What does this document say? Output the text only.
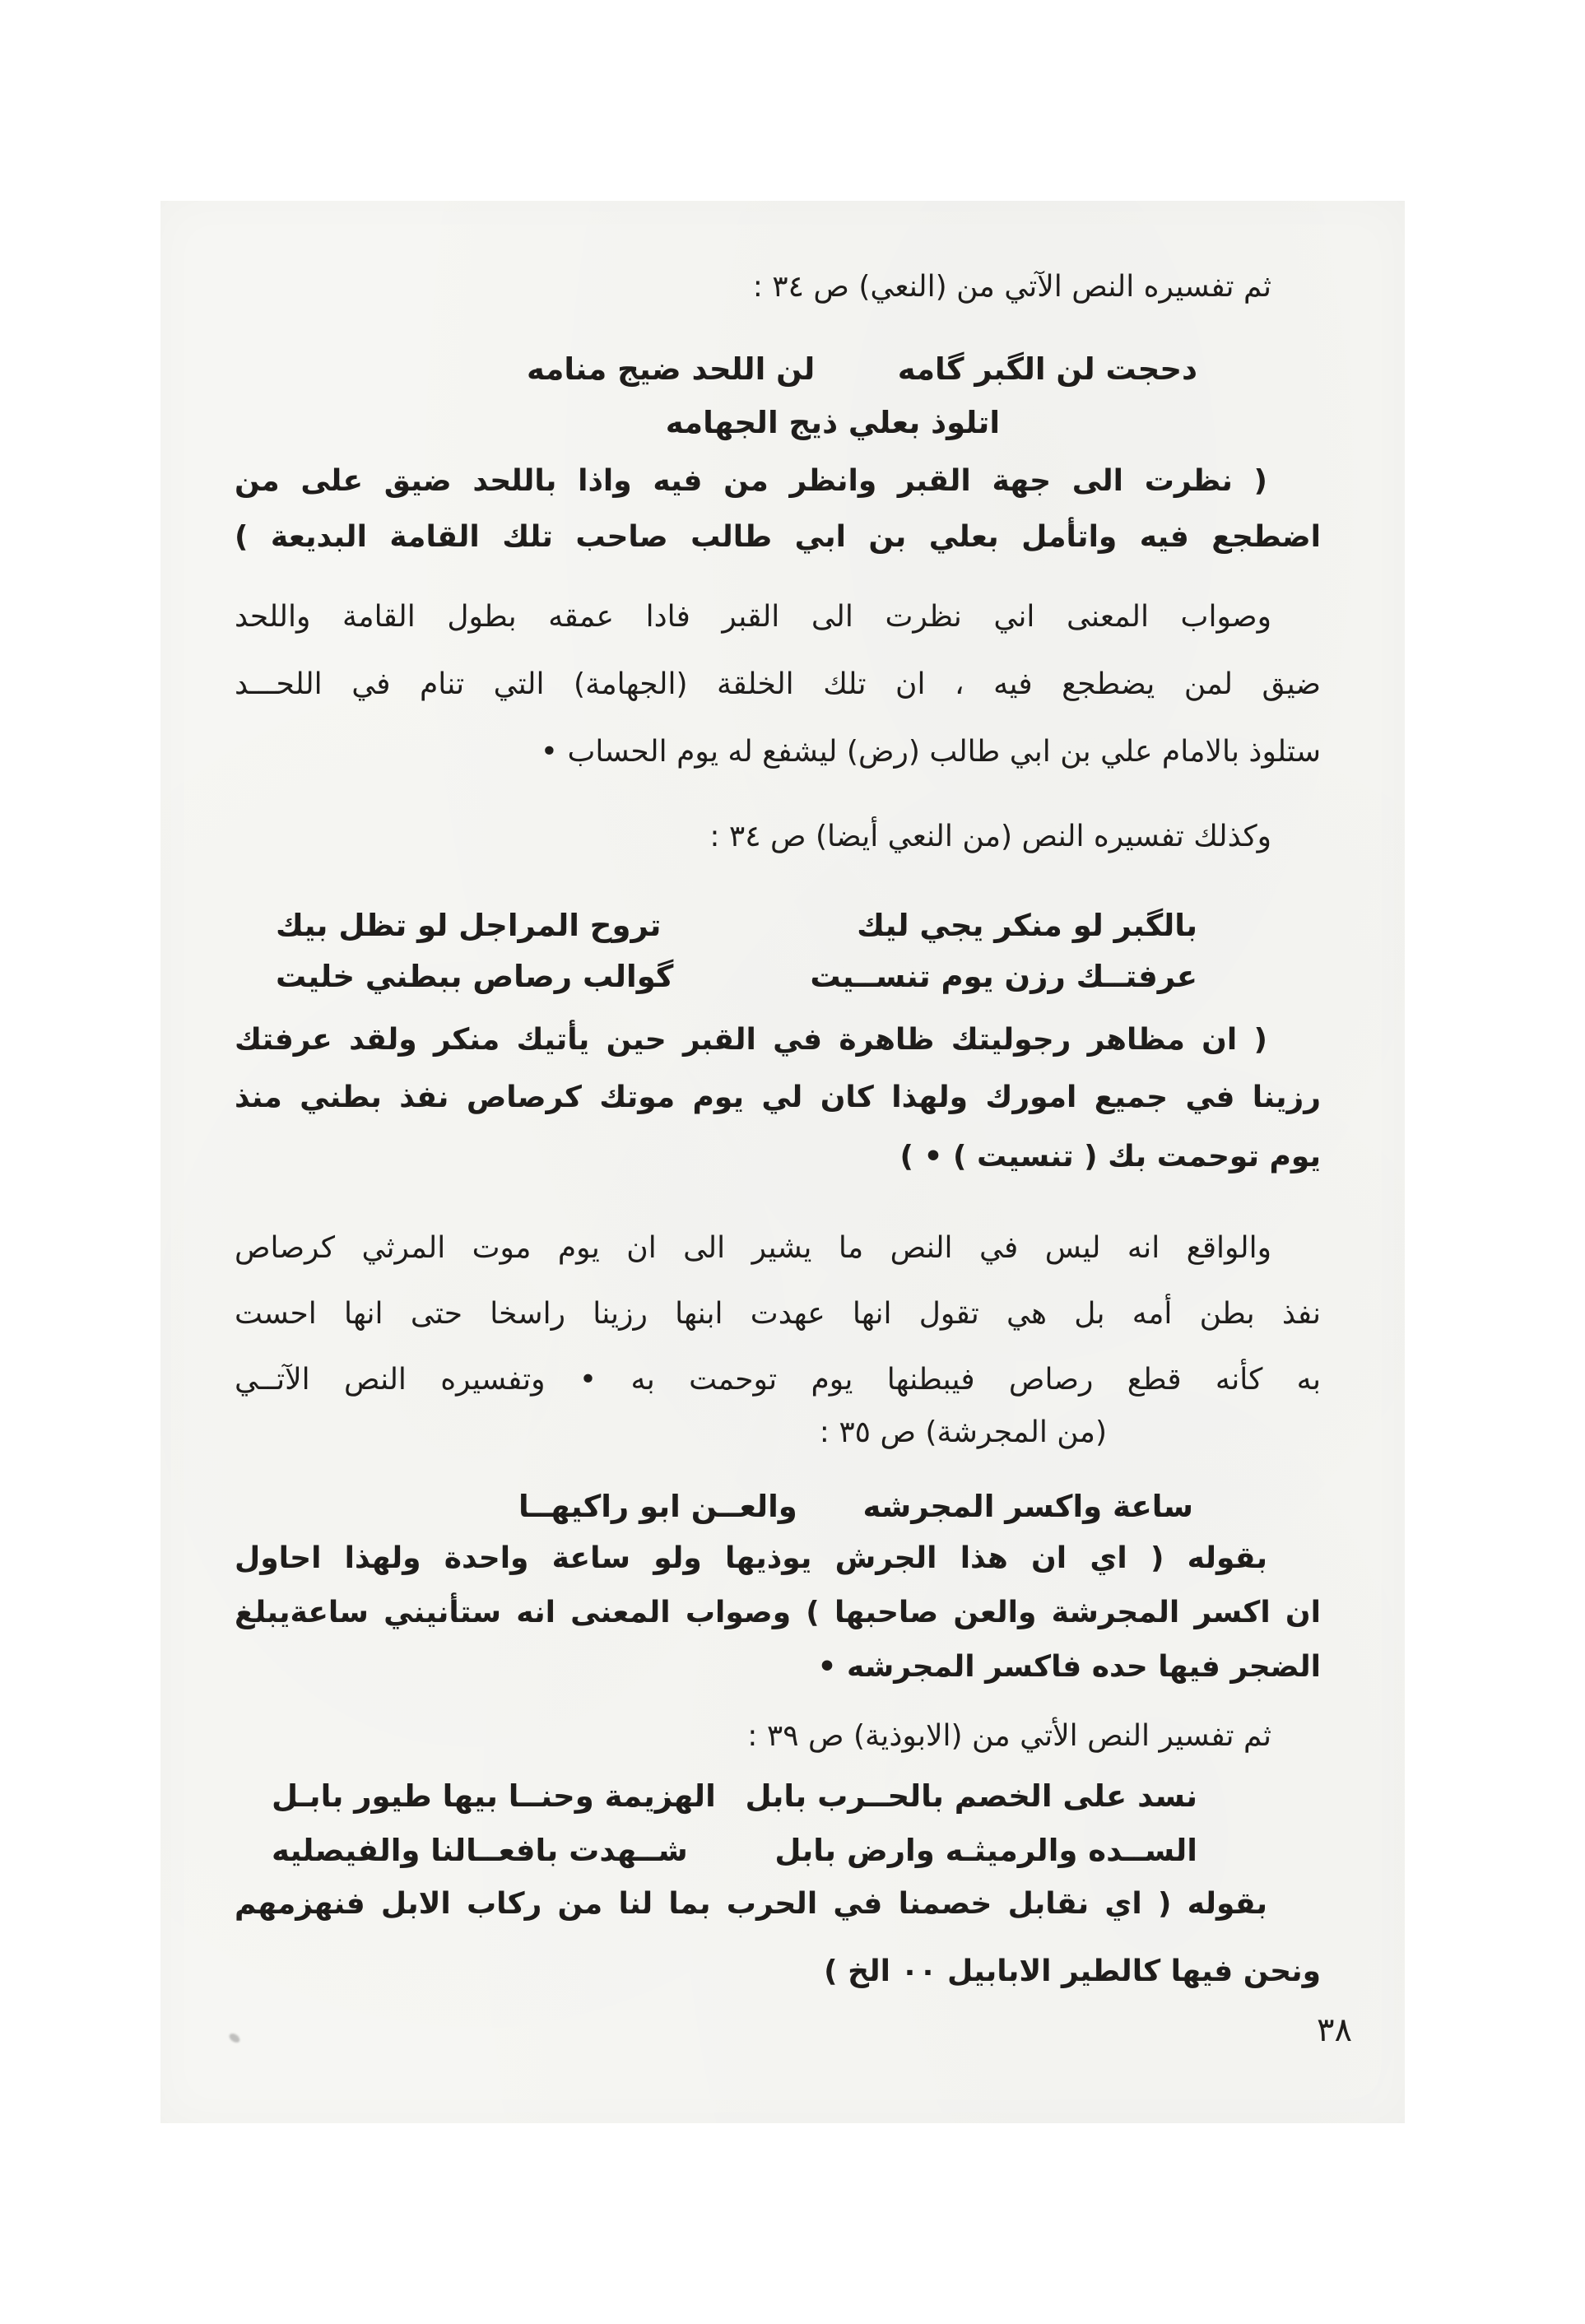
ثم تفسيره النص الآتي من (النعي) ص ٣٤ :
دحجت لن الگبر گامه
لن اللحد ضيج منامه
اتلوذ بعلي ذيج الجهامه
( نظرت الى جهة القبر وانظر من فيه واذا باللحد ضيق على من
اضطجع فيه واتأمل بعلي بن ابي طالب صاحب تلك القامة البديعة )
وصواب المعنى اني نظرت الى القبر فادا عمقه بطول القامة واللحد
ضيق لمن يضطجع فيه ، ان تلك الخلقة (الجهامة) التي تنام في اللحـــد
ستلوذ بالامام علي بن ابي طالب (رض) ليشفع له يوم الحساب •
وكذلك تفسيره النص (من النعي أيضا) ص ٣٤ :
بالگبر لو منكر يجي ليك
تروح المراجل لو تظل بيك
عرفتــك رزن يوم تنســيت
گوالب رصاص ببطني خليت
( ان مظاهر رجوليتك ظاهرة في القبر حين يأتيك منكر ولقد عرفتك
رزينا في جميع امورك ولهذا كان لي يوم موتك كرصاص نفذ بطني منذ
يوم توحمت بك ( تنسيت ) • )
والواقع انه ليس في النص ما يشير الى ان يوم موت المرثي كرصاص
نفذ بطن أمه بل هي تقول انها عهدت ابنها رزينا راسخا حتى انها احست
به كأنه قطع رصاص فيبطنها يوم توحمت به • وتفسيره النص الآتــي
(من المجرشة) ص ٣٥ :
ساعة واكسر المجرشه
والعــن ابو راكيهــا
بقوله ( اي ان هذا الجرش يوذيها ولو ساعة واحدة ولهذا احاول
ان اكسر المجرشة والعن صاحبها ) وصواب المعنى انه ستأنيني ساعةيبلغ
الضجر فيها حده فاكسر المجرشه •
ثم تفسير النص الأتي من (الابوذية) ص ٣٩ :
نسد على الخصم بالحــرب بابل
الهزيمة وحنــا بيها طيور بابـل
الســده والرميثـه وارض بابل
شــهدت بافعــالنا والفيصليه
بقوله ( اي نقابل خصمنا في الحرب بما لنا من ركاب الابل فنهزمهم
ونحن فيها كالطير الابابيل ٠٠ الخ )
٣٨
